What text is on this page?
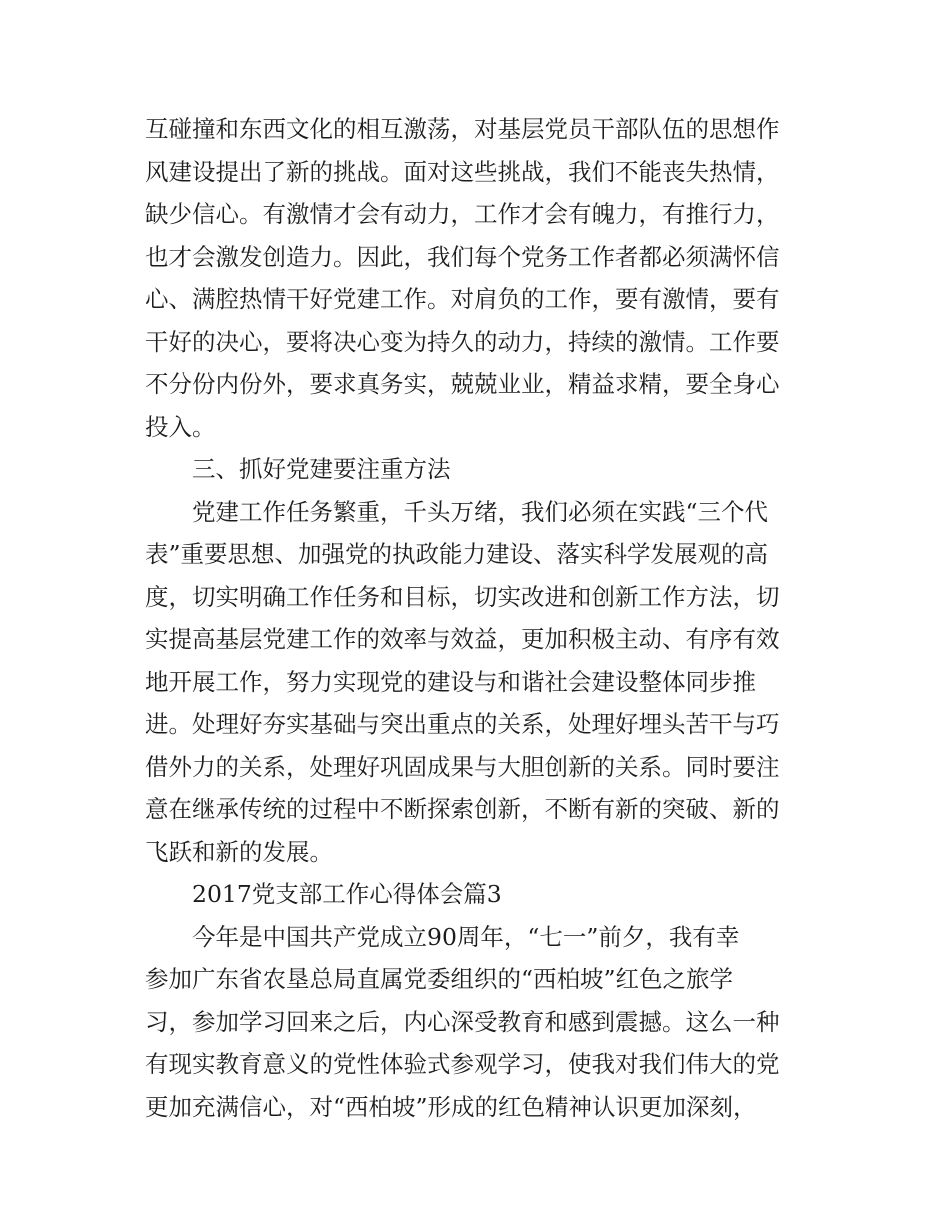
互碰撞和东西文化的相互激荡，对基层党员干部队伍的思想作
风建设提出了新的挑战。面对这些挑战，我们不能丧失热情，
缺少信心。有激情才会有动力，工作才会有魄力，有推行力，
也才会激发创造力。因此，我们每个党务工作者都必须满怀信
心、满腔热情干好党建工作。对肩负的工作，要有激情，要有
干好的决心，要将决心变为持久的动力，持续的激情。工作要
不分份内份外，要求真务实，兢兢业业，精益求精，要全身心
投入。
三、抓好党建要注重方法
党建工作任务繁重，千头万绪，我们必须在实践“三个代
表”重要思想、加强党的执政能力建设、落实科学发展观的高
度，切实明确工作任务和目标，切实改进和创新工作方法，切
实提高基层党建工作的效率与效益，更加积极主动、有序有效
地开展工作，努力实现党的建设与和谐社会建设整体同步推
进。处理好夯实基础与突出重点的关系，处理好埋头苦干与巧
借外力的关系，处理好巩固成果与大胆创新的关系。同时要注
意在继承传统的过程中不断探索创新，不断有新的突破、新的
飞跃和新的发展。
2017党支部工作心得体会篇3
今年是中国共产党成立90周年，“七一”前夕，我有幸
参加广东省农垦总局直属党委组织的“西柏坡”红色之旅学
习，参加学习回来之后，内心深受教育和感到震撼。这么一种
有现实教育意义的党性体验式参观学习，使我对我们伟大的党
更加充满信心，对“西柏坡”形成的红色精神认识更加深刻，
